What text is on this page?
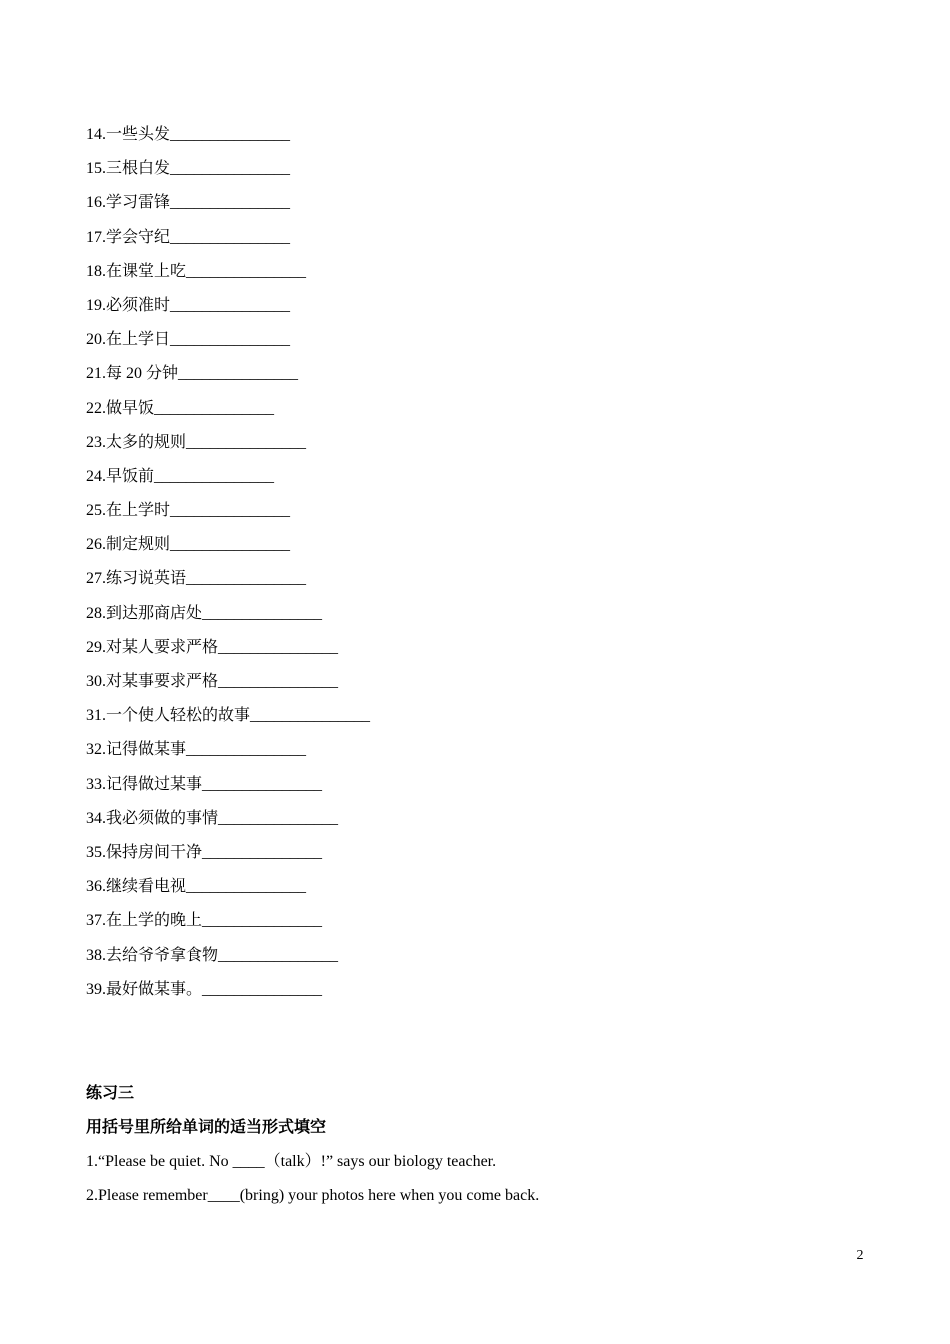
14.一些头发_______________
15.三根白发_______________
16.学习雷锋_______________
17.学会守纪_______________
18.在课堂上吃_______________
19.必须准时_______________
20.在上学日_______________
21.每 20 分钟_______________
22.做早饭_______________
23.太多的规则_______________
24.早饭前_______________
25.在上学时_______________
26.制定规则_______________
27.练习说英语_______________
28.到达那商店处_______________
29.对某人要求严格_______________
30.对某事要求严格_______________
31.一个使人轻松的故事_______________
32.记得做某事_______________
33.记得做过某事_______________
34.我必须做的事情_______________
35.保持房间干净_______________
36.继续看电视_______________
37.在上学的晚上_______________
38.去给爷爷拿食物_______________
39.最好做某事。_______________
练习三
用括号里所给单词的适当形式填空
1.“Please be quiet. No ____（talk）!” says our biology teacher.
2.Please remember____(bring) your photos here when you come back.
2
